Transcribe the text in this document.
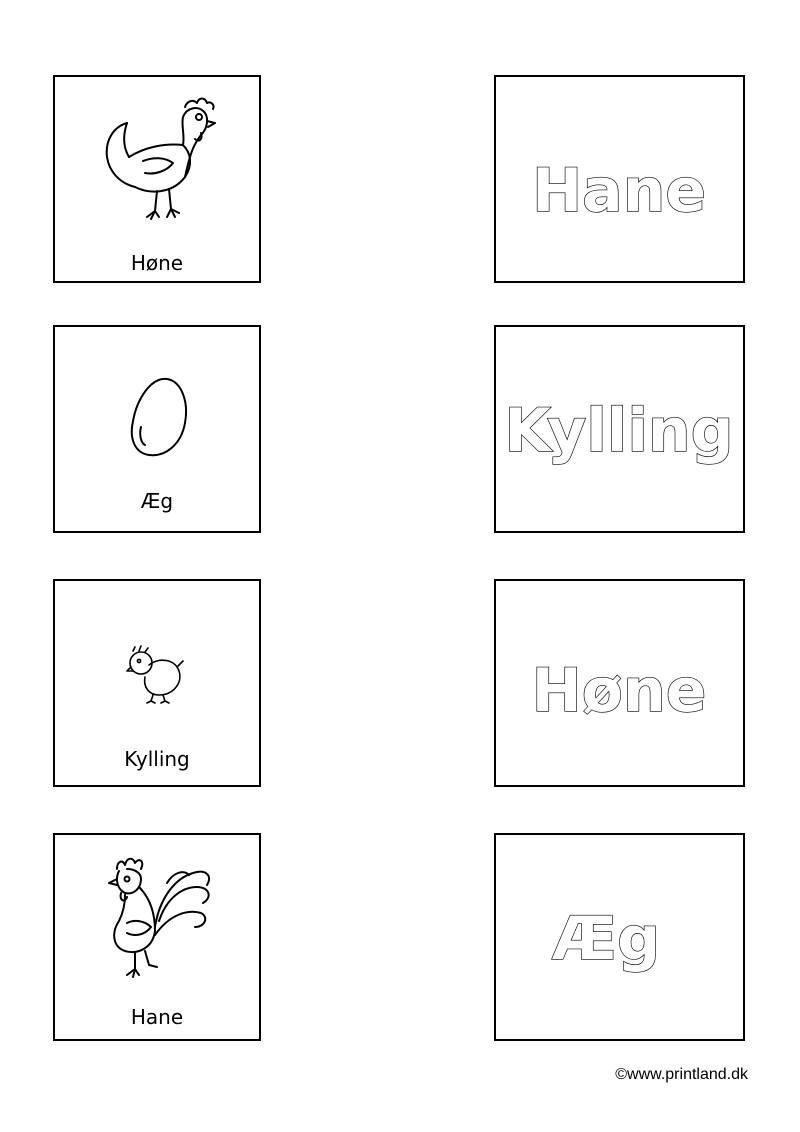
Høne
Æg
Kylling
Hane
Hane
Kylling
Høne
Æg
©www.printland.dk
